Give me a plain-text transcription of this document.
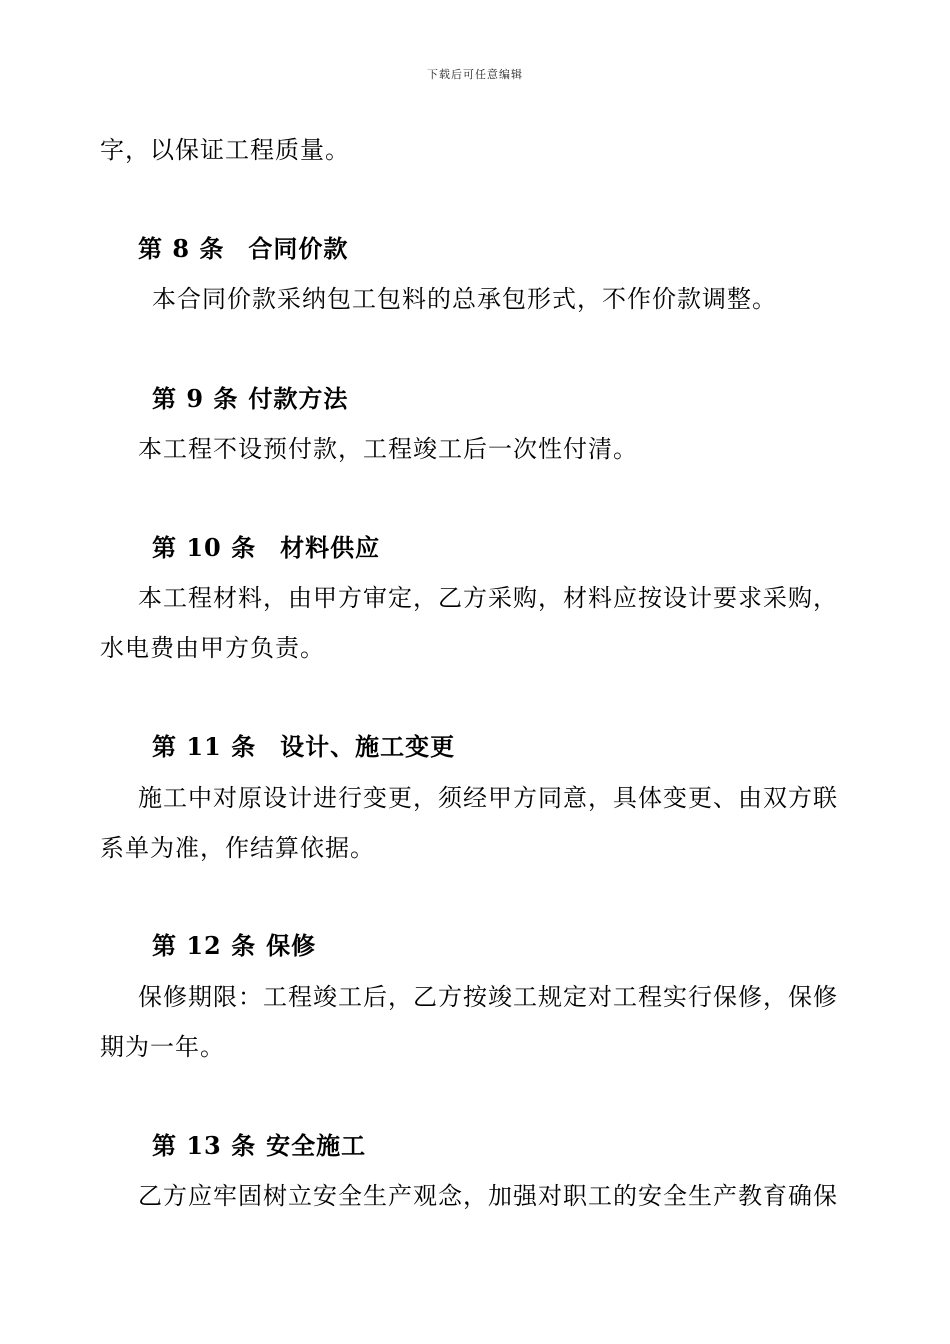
下载后可任意编辑
字，以保证工程质量。
第 8 条 合同价款
本合同价款采纳包工包料的总承包形式，不作价款调整。
第 9 条 付款方法
本工程不设预付款，工程竣工后一次性付清。
第 10 条 材料供应
本工程材料，由甲方审定，乙方采购，材料应按设计要求采购，
水电费由甲方负责。
第 11 条 设计、施工变更
施工中对原设计进行变更，须经甲方同意，具体变更、由双方联
系单为准，作结算依据。
第 12 条 保修
保修期限：工程竣工后，乙方按竣工规定对工程实行保修，保修
期为一年。
第 13 条 安全施工
乙方应牢固树立安全生产观念，加强对职工的安全生产教育确保
